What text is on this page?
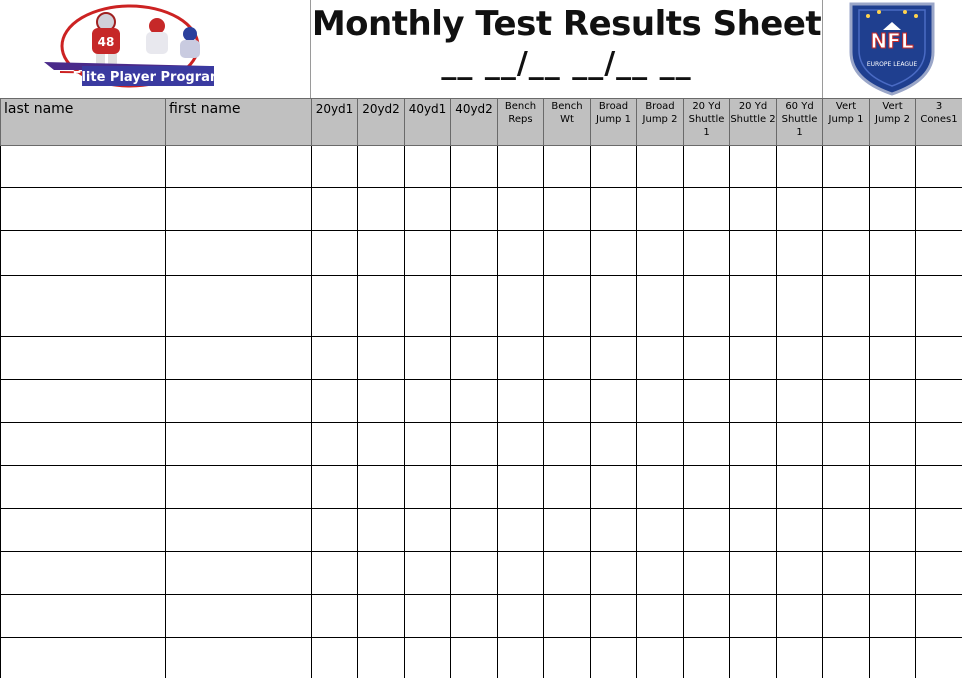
48
Elite Player Program
Monthly Test Results Sheet
__ __/__ __/__ __
NFL
EUROPE LEAGUE
last name	first name	20yd1	20yd2	40yd1	40yd2	Bench Reps	Bench Wt	Broad Jump 1	Broad Jump 2	20 Yd Shuttle 1	20 Yd Shuttle 2	60 Yd Shuttle 1	Vert Jump 1	Vert Jump 2	3 Cones1
